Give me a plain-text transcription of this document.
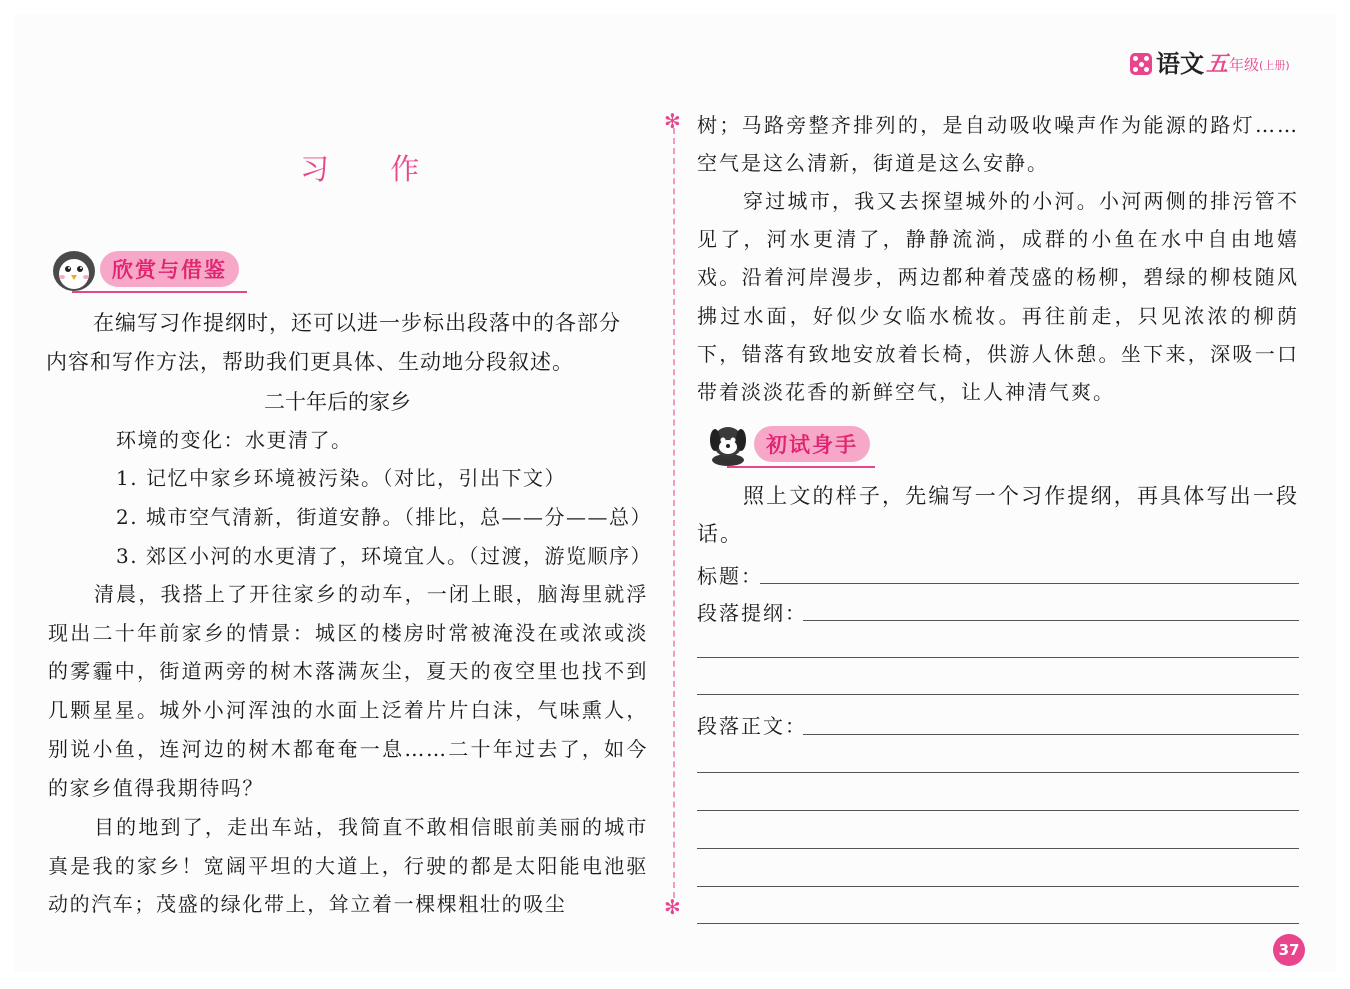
语文 五 年级 (上册)
✻
✻
习 作
欣赏与借鉴
在编写习作提纲时，还可以进一步标出段落中的各部分
内容和写作方法，帮助我们更具体、生动地分段叙述。
二十年后的家乡
环境的变化：水更清了。
1. 记忆中家乡环境被污染。（对比，引出下文）
2. 城市空气清新，街道安静。（排比，总——分——总）
3. 郊区小河的水更清了，环境宜人。（过渡，游览顺序）
清晨，我搭上了开往家乡的动车，一闭上眼，脑海里就浮现出二十年前家乡的情景：城区的楼房时常被淹没在或浓或淡的雾霾中，街道两旁的树木落满灰尘，夏天的夜空里也找不到几颗星星。城外小河浑浊的水面上泛着片片白沫，气味熏人，别说小鱼，连河边的树木都奄奄一息……二十年过去了，如今的家乡值得我期待吗？
目的地到了，走出车站，我简直不敢相信眼前美丽的城市真是我的家乡！宽阔平坦的大道上，行驶的都是太阳能电池驱动的汽车；茂盛的绿化带上，耸立着一棵棵粗壮的吸尘
树；马路旁整齐排列的，是自动吸收噪声作为能源的路灯……空气是这么清新，街道是这么安静。
穿过城市，我又去探望城外的小河。小河两侧的排污管不见了，河水更清了，静静流淌，成群的小鱼在水中自由地嬉戏。沿着河岸漫步，两边都种着茂盛的杨柳，碧绿的柳枝随风拂过水面，好似少女临水梳妆。再往前走，只见浓浓的柳荫下，错落有致地安放着长椅，供游人休憩。坐下来，深吸一口带着淡淡花香的新鲜空气，让人神清气爽。
初试身手
照上文的样子，先编写一个习作提纲，再具体写出一段话。
标题：
段落提纲：
段落正文：
37
